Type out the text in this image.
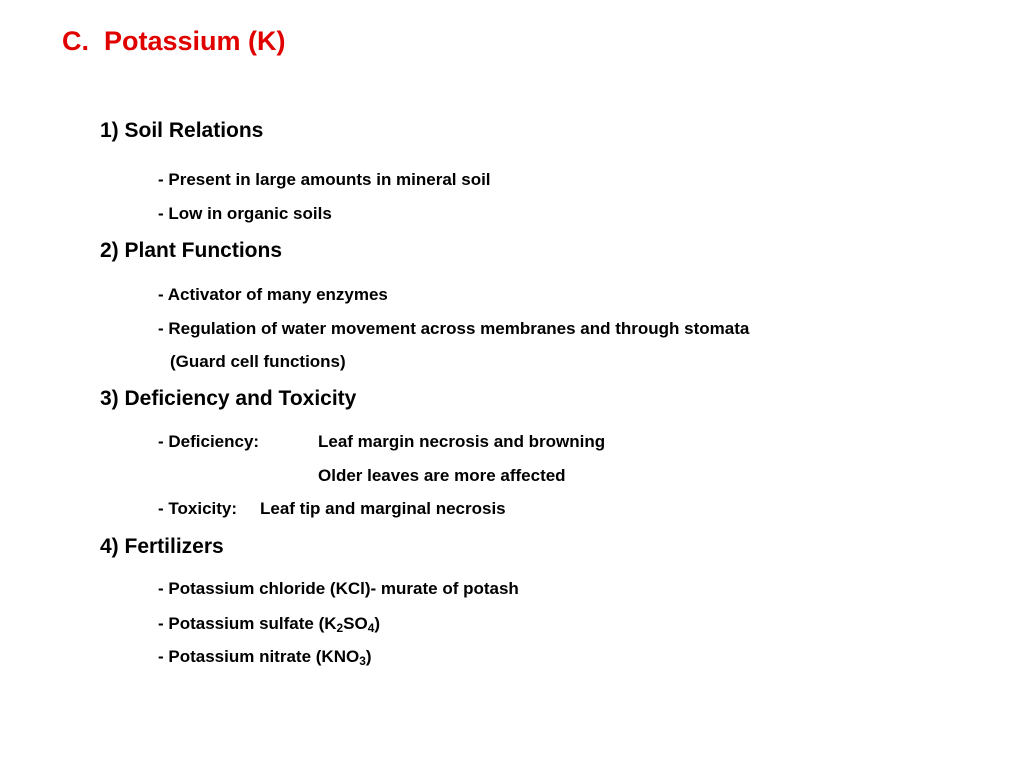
C.  Potassium (K)
1) Soil Relations
- Present in large amounts in mineral soil
- Low in organic soils
2) Plant Functions
- Activator of many enzymes
- Regulation of water movement across membranes and through stomata
(Guard cell functions)
3) Deficiency and Toxicity
- Deficiency:	Leaf margin necrosis and browning
Older leaves are more affected
- Toxicity: Leaf tip and marginal necrosis
4) Fertilizers
- Potassium chloride (KCl)- murate of potash
- Potassium sulfate $(K_2SO_4)$
- Potassium nitrate $(KNO_3)$
